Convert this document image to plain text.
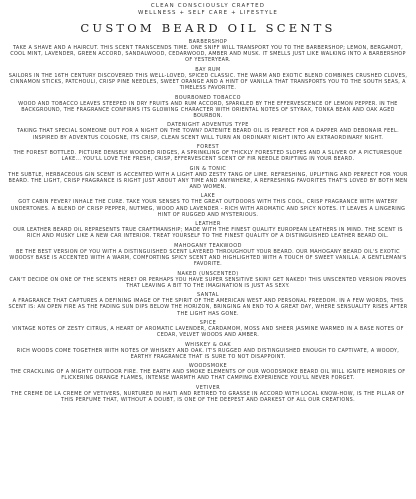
CLEAN CONSCIOUSLY CRAFTED
WELLNESS + SELF CARE + LIFESTYLE
CUSTOM BEARD OIL SCENTS
BARBERSHOP
TAKE A SHAVE AND A HAIRCUT. THIS SCENT TRANSCENDS TIME. ONE SNIFF WILL TRANSPORT YOU TO THE BARBERSHOP; LEMON, BERGAMOT, COOL MINT, LAVENDER, GREEN ACCORD, SANDALWOOD, CEDARWOOD, AMBER AND MUSK. IT SMELLS JUST LIKE WALKING INTO A BARBERSHOP OF YESTERYEAR.
BAY RUM
SAILORS IN THE 16TH CENTURY DISCOVERED THIS WELL-LOVED, SPICED CLASSIC. THE WARM AND EXOTIC BLEND COMBINES CRUSHED CLOVES, CINNAMON STICKS, PATCHOULI, CRISP PINE NEEDLES, SWEET ORANGE AND A HINT OF VANILLA THAT TRANSPORTS YOU TO THE SOUTH SEAS, A TIMELESS FAVORITE.
BOURBONED TOBACCO
WOOD AND TOBACCO LEAVES STEEPED IN DRY FRUITS AND RUM ACCORD, SPARKLED BY THE EFFERVESCENCE OF LEMON PEPPER. IN THE BACKGROUND, THE FRAGRANCE CONFIRMS ITS GLOWING CHARACTER WITH ORIENTAL NOTES OF STYRAX, TONKA BEAN AND OAK AGED BOURBON.
DATENIGHT ADVENTUS TYPE
TAKING THAT SPECIAL SOMEONE OUT FOR A NIGHT ON THE TOWN? DATENITE BEARD OIL IS PERFECT FOR A DAPPER AND DEBONAIR FEEL. INSPIRED BY ADVENTUS COLOGNE, ITS CRISP, CLEAN SCENT WILL TURN AN ORDINARY NIGHT INTO AN EXTRAORDINARY NIGHT.
FOREST
THE FOREST BOTTLED. PICTURE DENSELY WOODED RIDGES, A SPRINKLING OF THICKLY FORESTED SLOPES AND A SLIVER OF A PICTURESQUE LAKE... YOU'LL LOVE THE FRESH, CRISP, EFFERVESCENT SCENT OF FIR NEEDLE DRIFTING IN YOUR BEARD.
GIN & TONIC
THE SUBTLE, HERBACEOUS GIN SCENT IS ACCENTED WITH A LIGHT AND ZESTY TANG OF LIME. REFRESHING, UPLIFTING AND PERFECT FOR YOUR BEARD. THE LIGHT, CRISP FRAGRANCE IS RIGHT JUST ABOUT ANY TIME AND ANYWHERE, A REFRESHING FAVORITES THAT'S LOVED BY BOTH MEN AND WOMEN.
LAKE
GOT CABIN FEVER? INHALE THE CURE. TAKE YOUR SENSES TO THE GREAT OUTDOORS WITH THIS COOL, CRISP FRAGRANCE WITH WATERY UNDERTONES. A BLEND OF CRISP PEPPER, NUTMEG, WOOD AND LAVENDER - RICH WITH AROMATIC AND SPICY NOTES. IT LEAVES A LINGERING HINT OF RUGGED AND MYSTERIOUS.
LEATHER
OUR LEATHER BEARD OIL REPRESENTS TRUE CRAFTMANSHIP; MADE WITH THE FINEST QUALITY EUROPEAN LEATHERS IN MIND. THE SCENT IS RICH AND MUSKY LIKE A NEW CAR INTERIOR. TREAT YOURSELF TO THE FINEST QUALITY OF A DISTINGUISHED LEATHER BEARD OIL.
MAHOGANY TEAKWOOD
BE THE BEST VERSION OF YOU WITH A DISTINGUISHED SCENT LAYERED THROUGHOUT YOUR BEARD. OUR MAHOGANY BEARD OIL'S EXOTIC WOODSY BASE IS ACCENTED WITH A WARM, COMFORTING SPICY SCENT AND HIGHLIGHTED WITH A TOUCH OF SWEET VANILLA. A GENTLEMAN'S FAVORITE.
NAKED (UNSCENTED)
CAN'T DECIDE ON ONE OF THE SCENTS HERE? OR PERHAPS YOU HAVE SUPER SENSITIVE SKIN? GET NAKED! THIS UNSCENTED VERSION PROVES THAT LEAVING A BIT TO THE IMAGINATION IS JUST AS SEXY.
SANTAL
A FRAGRANCE THAT CAPTURES A DEFINING IMAGE OF THE SPIRIT OF THE AMERICAN WEST AND PERSONAL FREEDOM. IN A FEW WORDS, THIS SCENT IS: AN OPEN FIRE AS THE FADING SUN DIPS BELOW THE HORIZON, BRINGING AN END TO A GREAT DAY, WHERE SENSUALITY RISES AFTER THE LIGHT HAS GONE.
SPICE
VINTAGE NOTES OF ZESTY CITRUS, A HEART OF AROMATIC LAVENDER, CARDAMOM, MOSS AND SHEER JASMINE WARMED IN A BASE NOTES OF CEDAR, VELVET WOODS AND AMBER.
WHISKEY & OAK
RICH WOODS COME TOGETHER WITH NOTES OF WHISKEY AND OAK. IT'S RUGGED AND DISTINGUISHED ENOUGH TO CAPTIVATE, A WOODY, EARTHY FRAGRANCE THAT IS SURE TO NOT DISAPPOINT.
WOODSMOKE
THE CRACKLING OF A MIGHTY OUTDOOR FIRE. THE EARTH AND SMOKE ELEMENTS OF OUR WOODSMOKE BEARD OIL WILL IGNITE MEMORIES OF FLICKERING ORANGE FLAMES, INTENSE WARMTH AND THAT CAMPING EXPERIENCE YOU'LL NEVER FORGET.
VETIVER
THE CREME DE LA CREME OF VETIVERS, NURTURED IN HAITI AND RETIRED TO GRASSE IN ACCORD WITH LOCAL KNOW-HOW, IS THE PILLAR OF THIS PERFUME THAT, WITHOUT A DOUBT, IS ONE OF THE DEEPEST AND DARKEST OF ALL OUR CREATIONS.
